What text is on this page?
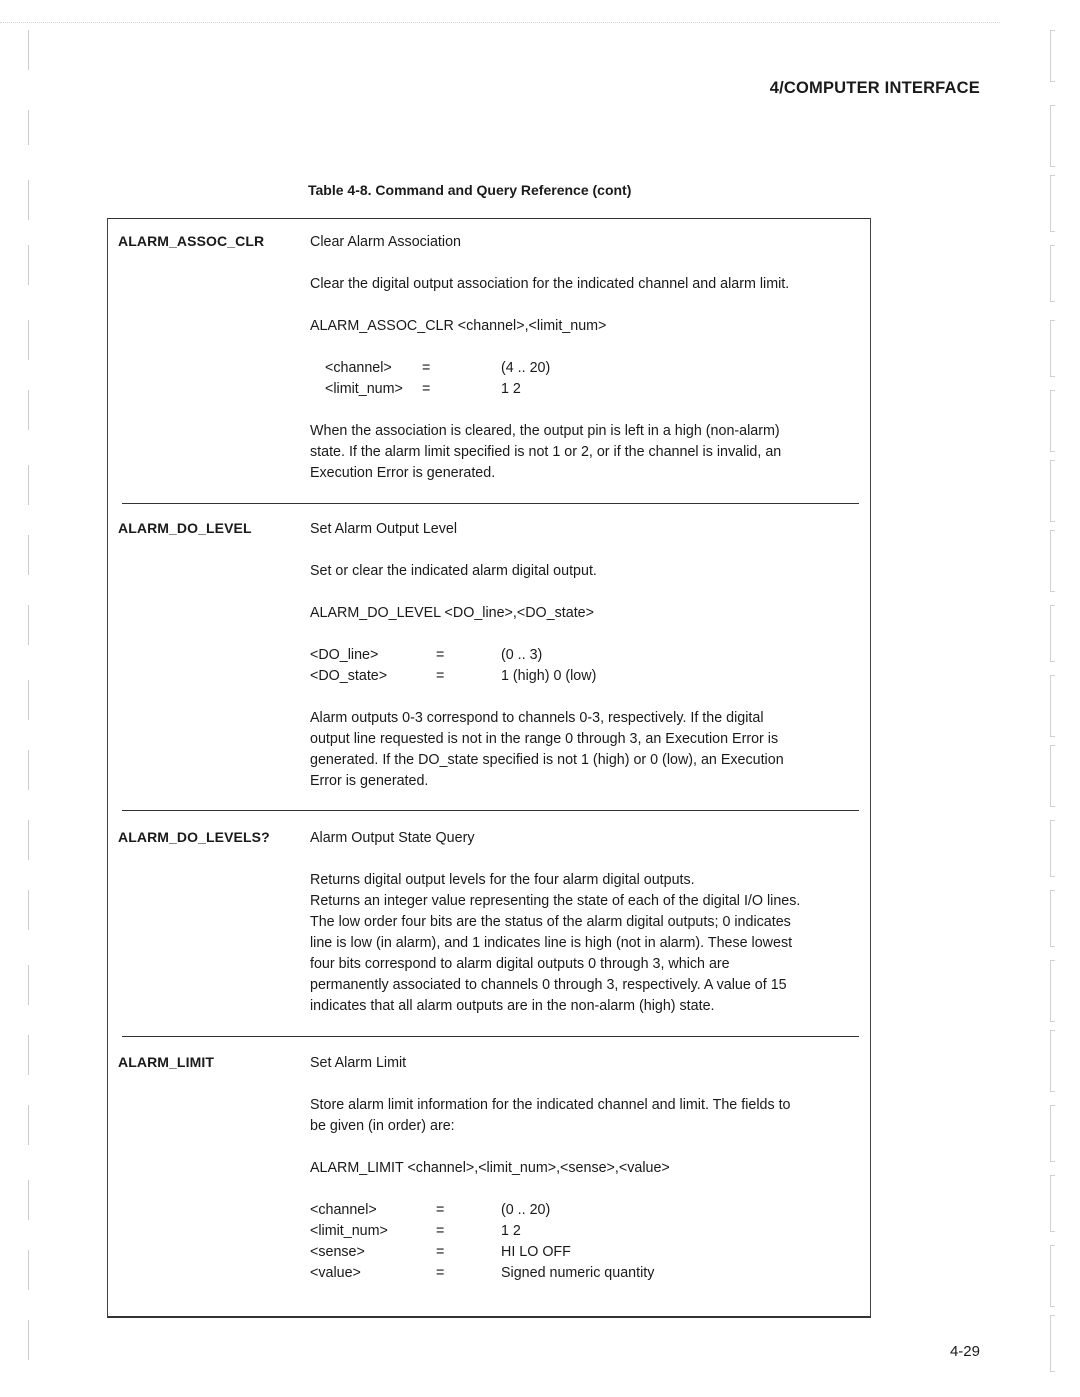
4/COMPUTER INTERFACE
Table 4-8. Command and Query Reference (cont)
ALARM_ASSOC_CLR	Clear Alarm Association

Clear the digital output association for the indicated channel and alarm limit.

ALARM_ASSOC_CLR <channel>,<limit_num>

<channel> =	(4 .. 20)
<limit_num> =	1 2

When the association is cleared, the output pin is left in a high (non-alarm)

state. If the alarm limit specified is not 1 or 2, or if the channel is invalid, an

Execution Error is generated.

ALARM_DO_LEVEL	Set Alarm Output Level

Set or clear the indicated alarm digital output.

ALARM_DO_LEVEL <DO_line>,<DO_state>

<DO_line>	=	(0 .. 3)
<DO_state>	=	1 (high) 0 (low)

Alarm outputs 0-3 correspond to channels 0-3, respectively. If the digital

output line requested is not in the range 0 through 3, an Execution Error is

generated. If the DO_state specified is not 1 (high) or 0 (low), an Execution

Error is generated.

ALARM_DO_LEVELS?	Alarm Output State Query

Returns digital output levels for the four alarm digital outputs.

Returns an integer value representing the state of each of the digital I/O lines.

The low order four bits are the status of the alarm digital outputs; 0 indicates

line is low (in alarm), and 1 indicates line is high (not in alarm). These lowest

four bits correspond to alarm digital outputs 0 through 3, which are

permanently associated to channels 0 through 3, respectively. A value of 15

indicates that all alarm outputs are in the non-alarm (high) state.

ALARM_LIMIT	Set Alarm Limit

Store alarm limit information for the indicated channel and limit. The fields to

be given (in order) are:

ALARM_LIMIT <channel>,<limit_num>,<sense>,<value>

<channel>	=	(0 .. 20)
<limit_num>	=	1 2
<sense>	=	HI LO OFF
<value>	=	Signed numeric quantity
4-29
